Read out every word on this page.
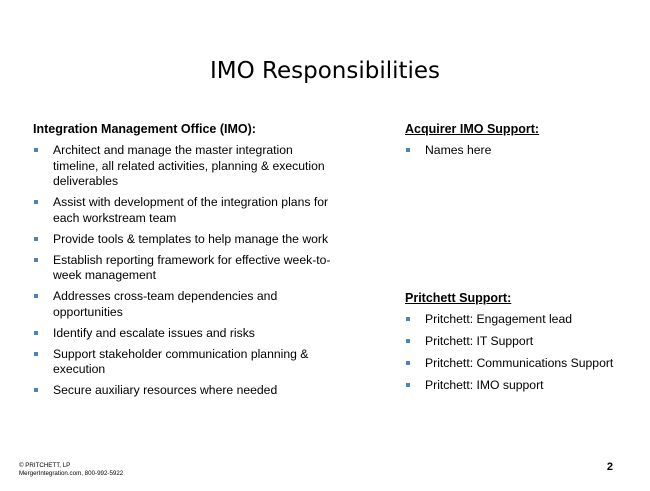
IMO Responsibilities
Integration Management Office (IMO):
Architect and manage the master integration timeline, all related activities, planning & execution deliverables
Assist with development of the integration plans for each workstream team
Provide tools & templates to help manage the work
Establish reporting framework for effective week-to-week management
Addresses cross-team dependencies and opportunities
Identify and escalate issues and risks
Support stakeholder communication planning & execution
Secure auxiliary resources where needed
Acquirer IMO Support:
Names here
Pritchett Support:
Pritchett: Engagement lead
Pritchett: IT Support
Pritchett: Communications Support
Pritchett: IMO support
© PRITCHETT, LP
MergerIntegration.com, 800-992-5922
2
